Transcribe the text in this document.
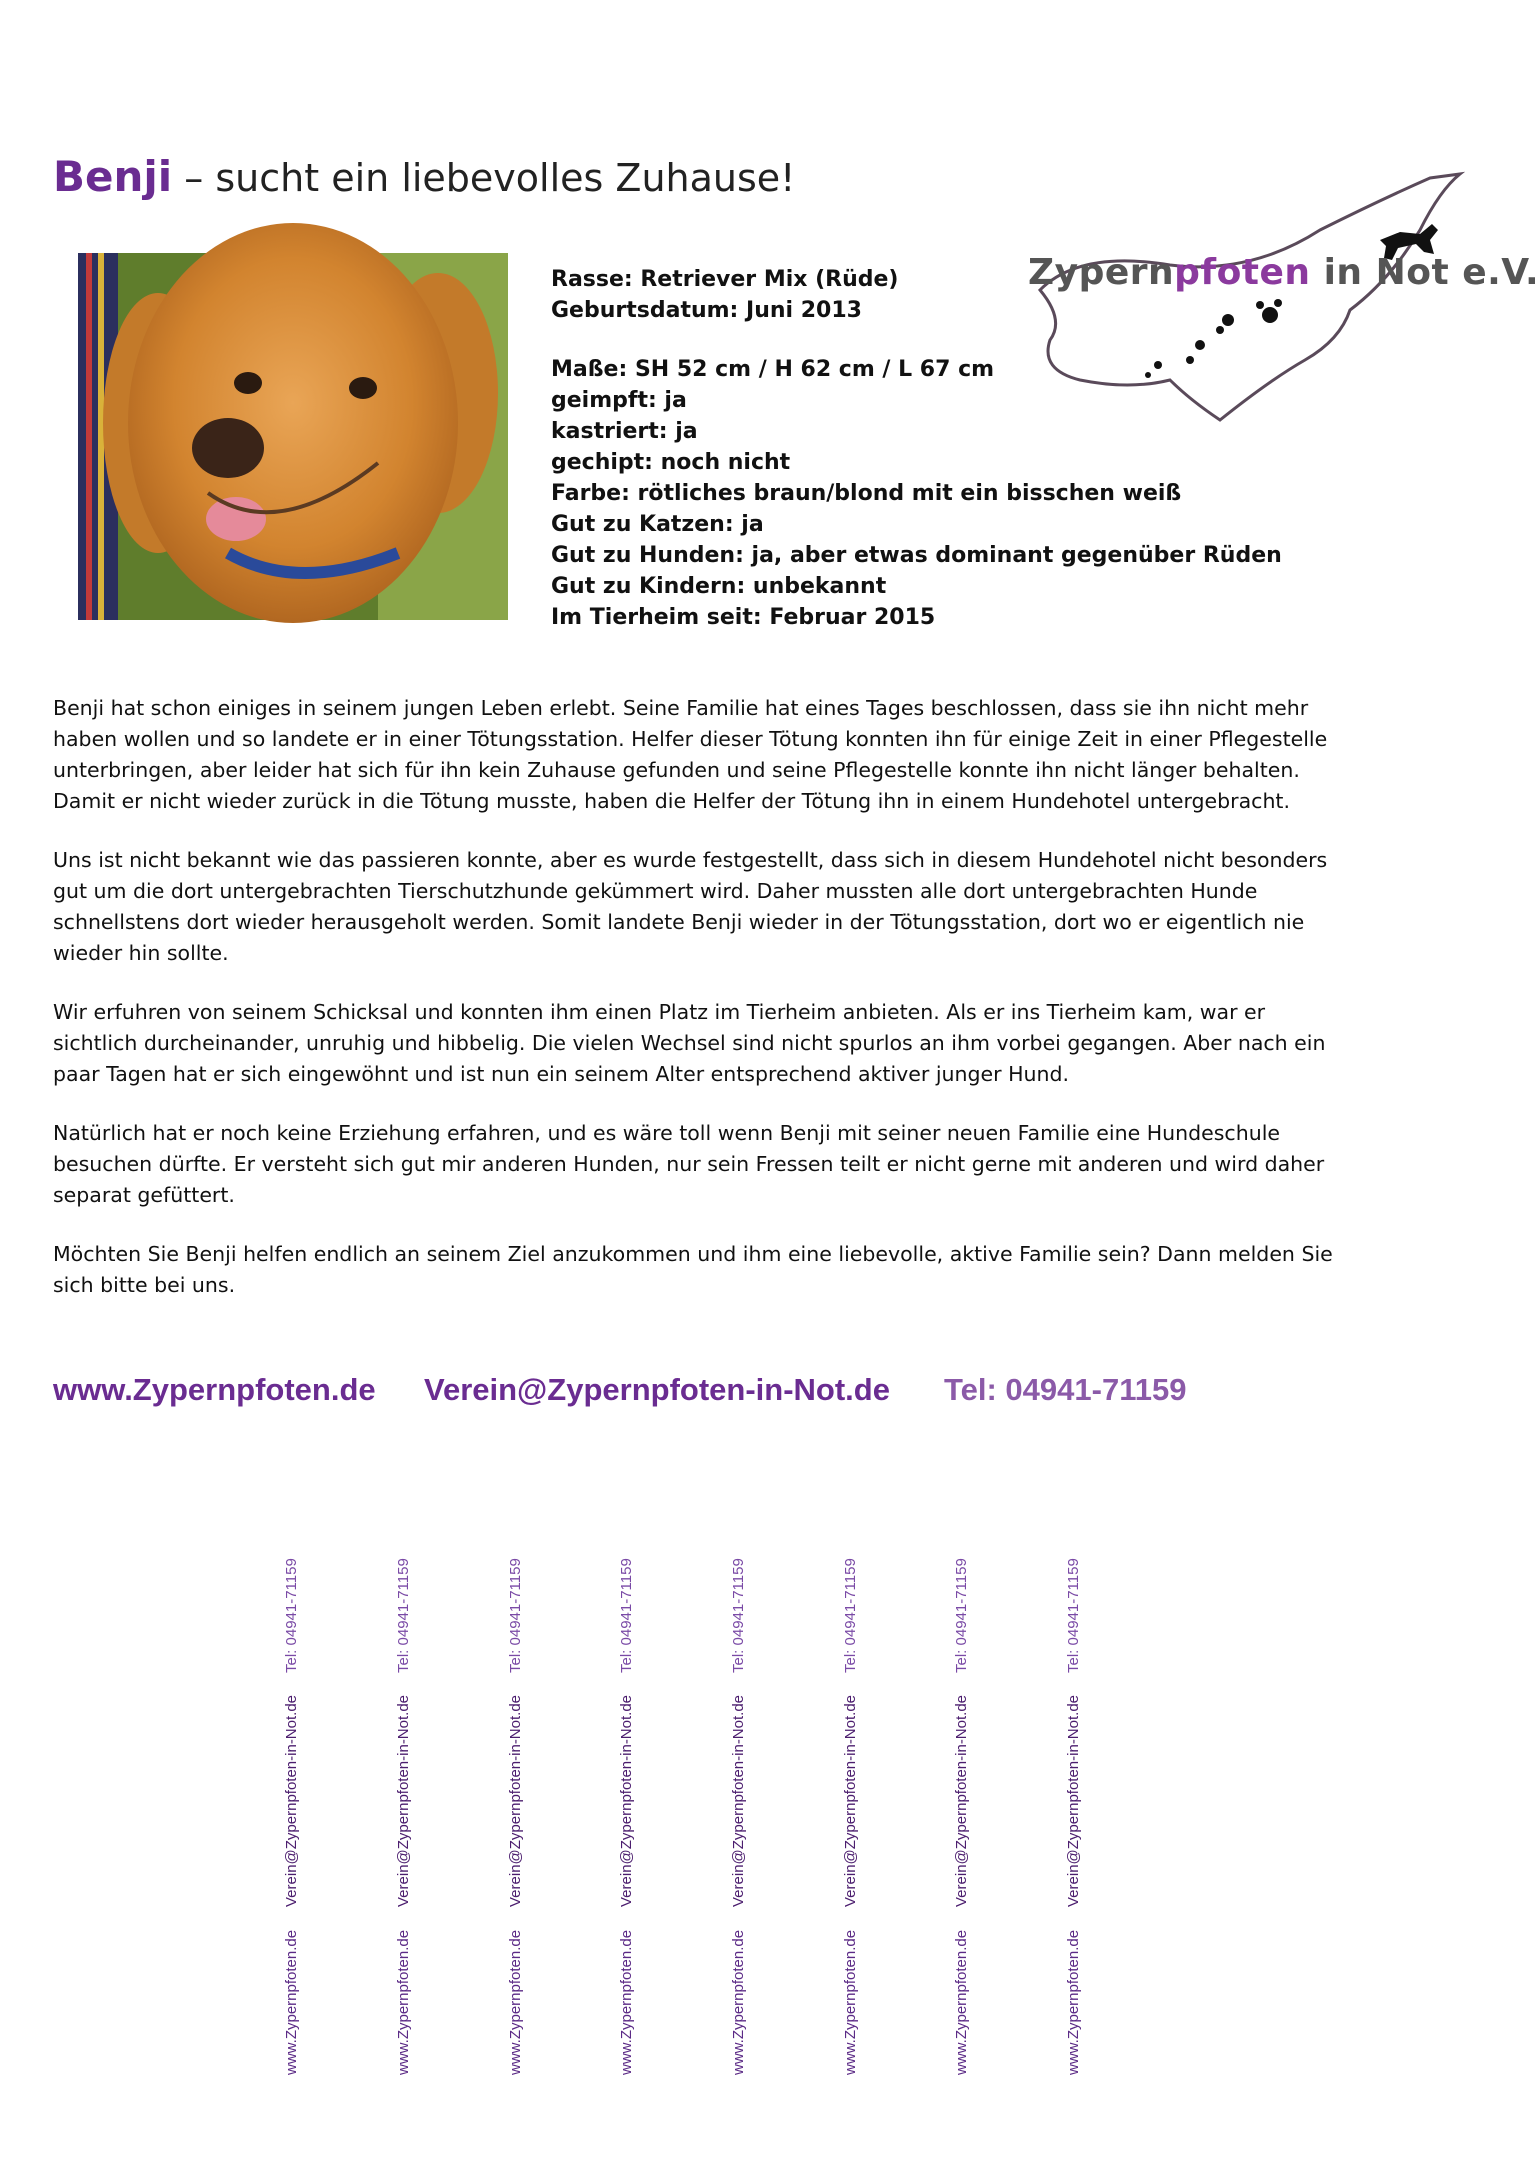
Benji – sucht ein liebevolles Zuhause!
Zypernpfoten in Not e.V.
Rasse: Retriever Mix (Rüde)
Geburtsdatum: Juni 2013
Maße: SH 52 cm / H 62 cm / L 67 cm
geimpft: ja
kastriert: ja
gechipt: noch nicht
Farbe: rötliches braun/blond mit ein bisschen weiß
Gut zu Katzen: ja
Gut zu Hunden: ja, aber etwas dominant gegenüber Rüden
Gut zu Kindern: unbekannt
Im Tierheim seit: Februar 2015

Benji hat schon einiges in seinem jungen Leben erlebt. Seine Familie hat eines Tages beschlossen, dass sie ihn nicht mehr haben wollen und so landete er in einer Tötungsstation. Helfer dieser Tötung konnten ihn für einige Zeit in einer Pflegestelle unterbringen, aber leider hat sich für ihn kein Zuhause gefunden und seine Pflegestelle konnte ihn nicht länger behalten. Damit er nicht wieder zurück in die Tötung musste, haben die Helfer der Tötung ihn in einem Hundehotel untergebracht.

Uns ist nicht bekannt wie das passieren konnte, aber es wurde festgestellt, dass sich in diesem Hundehotel nicht besonders gut um die dort untergebrachten Tierschutzhunde gekümmert wird. Daher mussten alle dort untergebrachten Hunde schnellstens dort wieder herausgeholt werden. Somit landete Benji wieder in der Tötungsstation, dort wo er eigentlich nie wieder hin sollte.

Wir erfuhren von seinem Schicksal und konnten ihm einen Platz im Tierheim anbieten. Als er ins Tierheim kam, war er sichtlich durcheinander, unruhig und hibbelig. Die vielen Wechsel sind nicht spurlos an ihm vorbei gegangen. Aber nach ein paar Tagen hat er sich eingewöhnt und ist nun ein seinem Alter entsprechend aktiver junger Hund.

Natürlich hat er noch keine Erziehung erfahren, und es wäre toll wenn Benji mit seiner neuen Familie eine Hundeschule besuchen dürfte. Er versteht sich gut mir anderen Hunden, nur sein Fressen teilt er nicht gerne mit anderen und wird daher separat gefüttert.

Möchten Sie Benji helfen endlich an seinem Ziel anzukommen und ihm eine liebevolle, aktive Familie sein? Dann melden Sie sich bitte bei uns.

www.Zypernpfoten.de Verein@Zypernpfoten-in-Not.de Tel: 04941-71159
Tel: 04941-71159
Verein@Zypernpfoten-in-Not.de
www.Zypernpfoten.de
Tel: 04941-71159
Verein@Zypernpfoten-in-Not.de
www.Zypernpfoten.de
Tel: 04941-71159
Verein@Zypernpfoten-in-Not.de
www.Zypernpfoten.de
Tel: 04941-71159
Verein@Zypernpfoten-in-Not.de
www.Zypernpfoten.de
Tel: 04941-71159
Verein@Zypernpfoten-in-Not.de
www.Zypernpfoten.de
Tel: 04941-71159
Verein@Zypernpfoten-in-Not.de
www.Zypernpfoten.de
Tel: 04941-71159
Verein@Zypernpfoten-in-Not.de
www.Zypernpfoten.de
Tel: 04941-71159
Verein@Zypernpfoten-in-Not.de
www.Zypernpfoten.de
